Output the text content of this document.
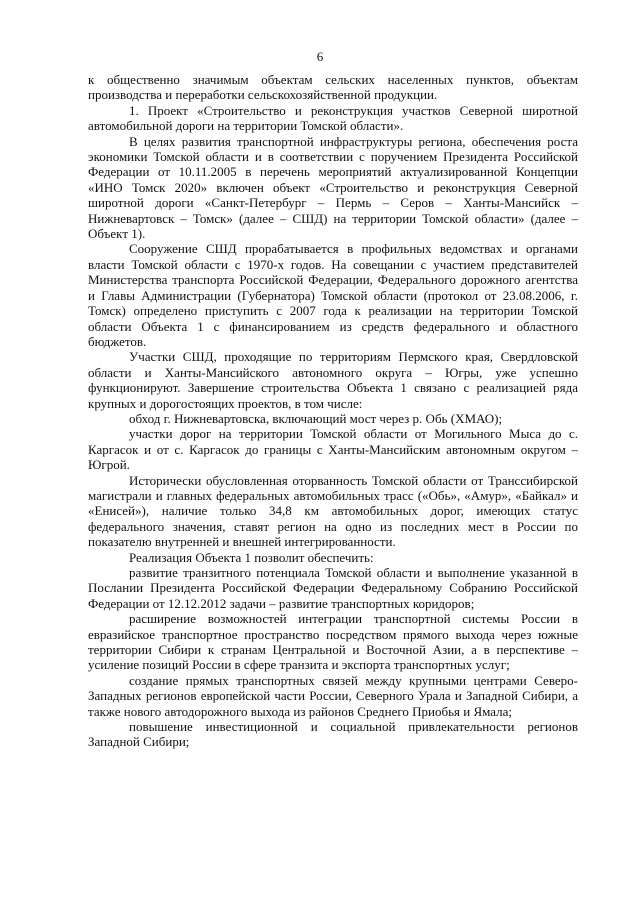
6

к общественно значимым объектам сельских населенных пунктов, объектам производства и переработки сельскохозяйственной продукции.

1. Проект «Строительство и реконструкция участков Северной широтной автомобильной дороги на территории Томской области».

В целях развития транспортной инфраструктуры региона, обеспечения роста экономики Томской области и в соответствии с поручением Президента Российской Федерации от 10.11.2005 в перечень мероприятий актуализированной Концепции «ИНО Томск 2020» включен объект «Строительство и реконструкция Северной широтной дороги «Санкт-Петербург – Пермь – Серов – Ханты-Мансийск – Нижневартовск – Томск» (далее – СШД) на территории Томской области» (далее – Объект 1).

Сооружение СШД прорабатывается в профильных ведомствах и органами власти Томской области с 1970-х годов. На совещании с участием представителей Министерства транспорта Российской Федерации, Федерального дорожного агентства и Главы Администрации (Губернатора) Томской области (протокол от 23.08.2006, г. Томск) определено приступить с 2007 года к реализации на территории Томской области Объекта 1 с финансированием из средств федерального и областного бюджетов.

Участки СШД, проходящие по территориям Пермского края, Свердловской области и Ханты-Мансийского автономного округа – Югры, уже успешно функционируют. Завершение строительства Объекта 1 связано с реализацией ряда крупных и дорогостоящих проектов, в том числе:

обход г. Нижневартовска, включающий мост через р. Обь (ХМАО);

участки дорог на территории Томской области от Могильного Мыса до с. Каргасок и от с. Каргасок до границы с Ханты-Мансийским автономным округом – Югрой.

Исторически обусловленная оторванность Томской области от Транссибирской магистрали и главных федеральных автомобильных трасс («Обь», «Амур», «Байкал» и «Енисей»), наличие только 34,8 км автомобильных дорог, имеющих статус федерального значения, ставят регион на одно из последних мест в России по показателю внутренней и внешней интегрированности.

Реализация Объекта 1 позволит обеспечить:

развитие транзитного потенциала Томской области и выполнение указанной в Послании Президента Российской Федерации Федеральному Собранию Российской Федерации от 12.12.2012 задачи – развитие транспортных коридоров;

расширение возможностей интеграции транспортной системы России в евразийское транспортное пространство посредством прямого выхода через южные территории Сибири к странам Центральной и Восточной Азии, а в перспективе – усиление позиций России в сфере транзита и экспорта транспортных услуг;

создание прямых транспортных связей между крупными центрами Северо-Западных регионов европейской части России, Северного Урала и Западной Сибири, а также нового автодорожного выхода из районов Среднего Приобья и Ямала;

повышение инвестиционной и социальной привлекательности регионов Западной Сибири;
